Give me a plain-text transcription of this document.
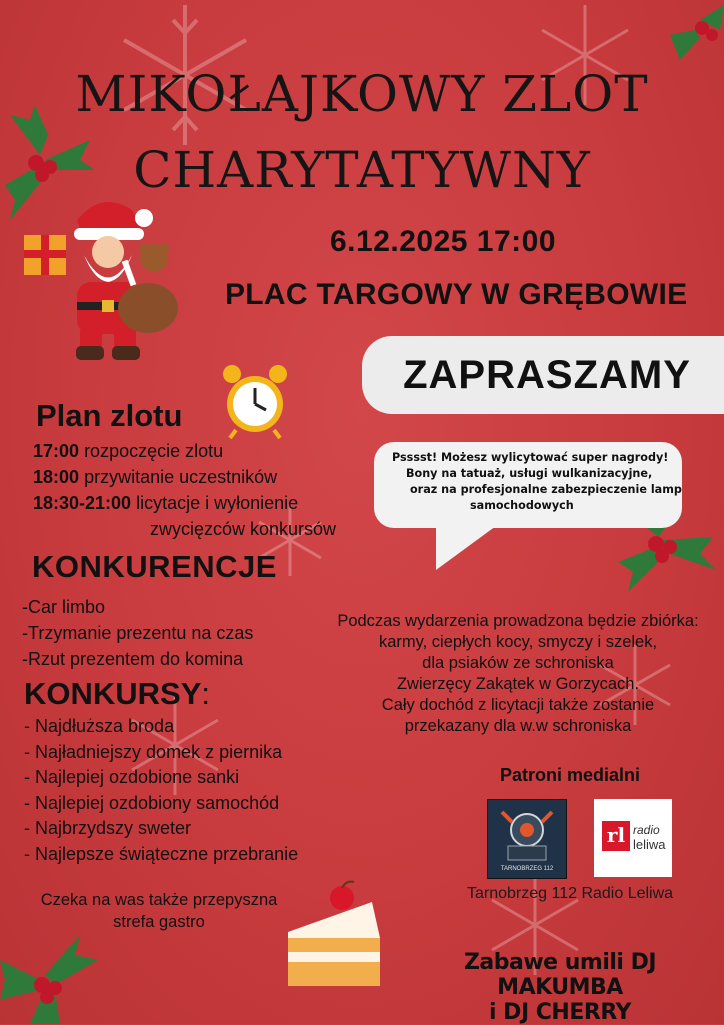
MIKOŁAJKOWY ZLOT
CHARYTATYWNY
6.12.2025 17:00
PLAC TARGOWY W GRĘBOWIE
ZAPRASZAMY
Plan zlotu
17:00 rozpoczęcie zlotu
18:00 przywitanie uczestników
18:30-21:00 licytacje i wyłonienie
zwycięzców konkursów
Psssst! Możesz wylicytować super nagrody!
Bony na tatuaż, usługi wulkanizacyjne,
oraz na profesjonalne zabezpieczenie lamp
samochodowych
KONKURENCJE
-Car limbo
-Trzymanie prezentu na czas
-Rzut prezentem do komina
KONKURSY:
- Najdłuższa broda
- Najładniejszy domek z piernika
- Najlepiej ozdobione sanki
- Najlepiej ozdobiony samochód
- Najbrzydszy sweter
- Najlepsze świąteczne przebranie
Podczas wydarzenia prowadzona będzie zbiórka:
karmy, ciepłych kocy, smyczy i szelek,
dla psiaków ze schroniska
Zwierzęcy Zakątek w Gorzycach.
Cały dochód z licytacji także zostanie
przekazany dla w.w schroniska
Patroni medialni
TARNOBRZEG 112
rl radio
leliwa
Tarnobrzeg 112 Radio Leliwa
Czeka na was także przepyszna
strefa gastro
Zabawe umili DJ MAKUMBA
i DJ CHERRY
